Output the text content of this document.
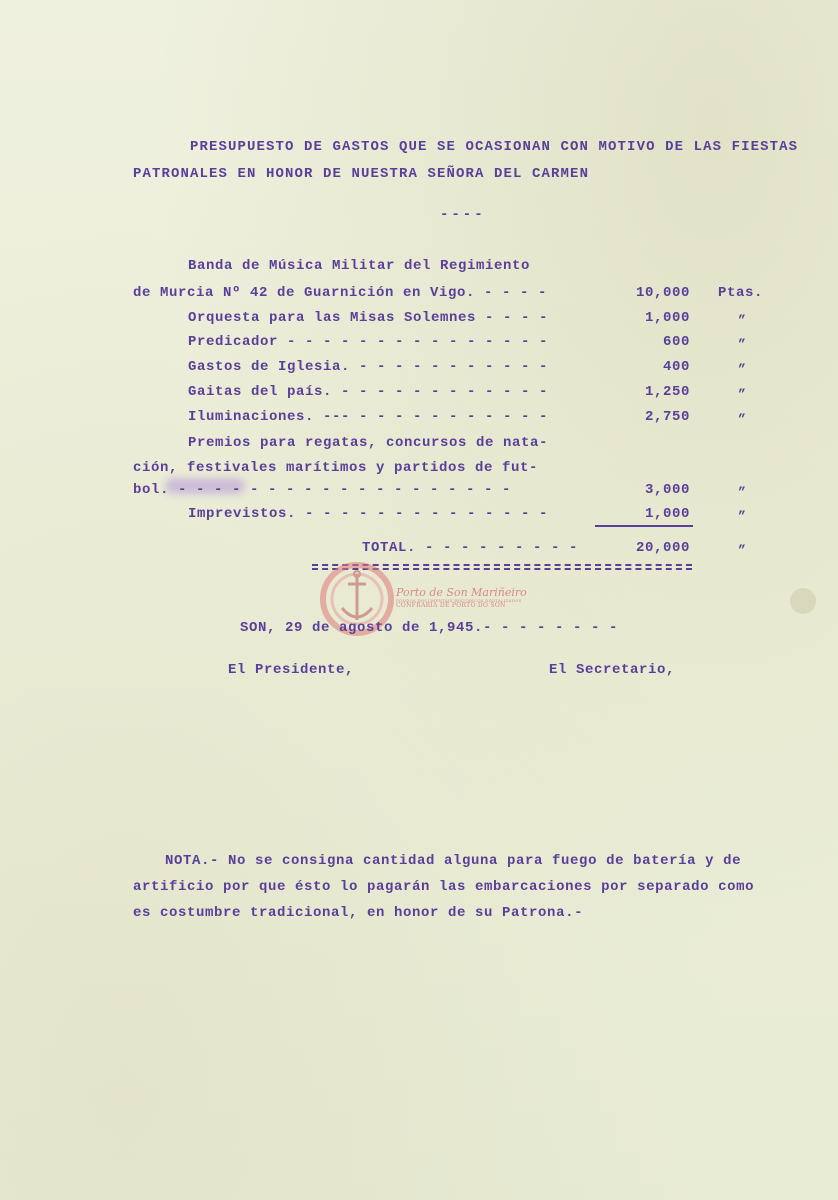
PRESUPUESTO DE GASTOS QUE SE OCASIONAN CON MOTIVO DE LAS FIESTAS
PATRONALES EN HONOR DE NUESTRA SEÑORA DEL CARMEN
----
Banda de Música Militar del Regimiento
de Murcia Nº 42 de Guarnición en Vigo. - - - -	10,000 Ptas.
Orquesta para las Misas Solemnes - - - -	1,000	”
Predicador - - - - - - - - - - - - - - -	600	”
Gastos de Iglesia. - - - - - - - - - - -	400	”
Gaitas del país. - - - - - - - - - - - -	1,250	”
Iluminaciones. --- - - - - - - - - - - -	2,750	”
Premios para regatas, concursos de nata-
ción, festivales marítimos y partidos de fut-
bol. - - - - - - - - - - - - - - - - - - -	3,000	”
Imprevistos. - - - - - - - - - - - - - -	1,000	”
TOTAL. - - - - - - - - -	20,000	”
Porto de Son Mariñeiro
FONDOS DOCUMENTAIS HISTÓRICOS DIXITALIZADOS
CONFRARÍA DE PORTO DO SON
SON, 29 de agosto de 1,945.- - - - - - - -
El Presidente,	El Secretario,
NOTA.- No se consigna cantidad alguna para fuego de batería y de
artificio por que ésto lo pagarán las embarcaciones por separado como
es costumbre tradicional, en honor de su Patrona.-
